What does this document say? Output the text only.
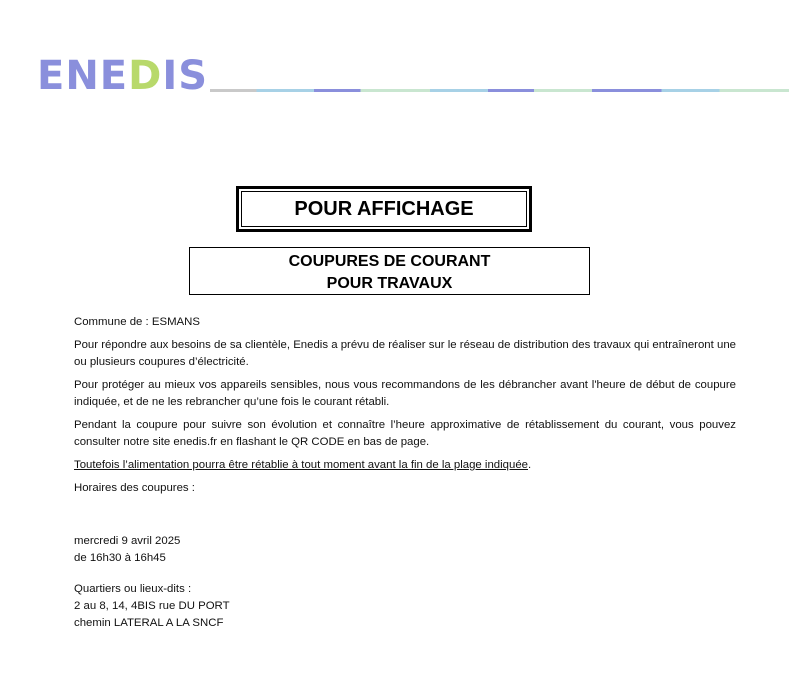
ENEDIS
POUR AFFICHAGE
COUPURES DE COURANT
POUR TRAVAUX

Commune de : ESMANS

Pour répondre aux besoins de sa clientèle, Enedis a prévu de réaliser sur le réseau de distribution des travaux qui entraîneront une ou plusieurs coupures d’électricité.

Pour protéger au mieux vos appareils sensibles, nous vous recommandons de les débrancher avant l'heure de début de coupure indiquée, et de ne les rebrancher qu’une fois le courant rétabli.

Pendant la coupure pour suivre son évolution et connaître l’heure approximative de rétablissement du courant, vous pouvez consulter notre site enedis.fr en flashant le QR CODE en bas de page.

Toutefois l’alimentation pourra être rétablie à tout moment avant la fin de la plage indiquée.

Horaires des coupures :

mercredi 9 avril 2025
de 16h30 à 16h45
Quartiers ou lieux-dits :
2 au 8, 14, 4BIS rue DU PORT
chemin LATERAL A LA SNCF
